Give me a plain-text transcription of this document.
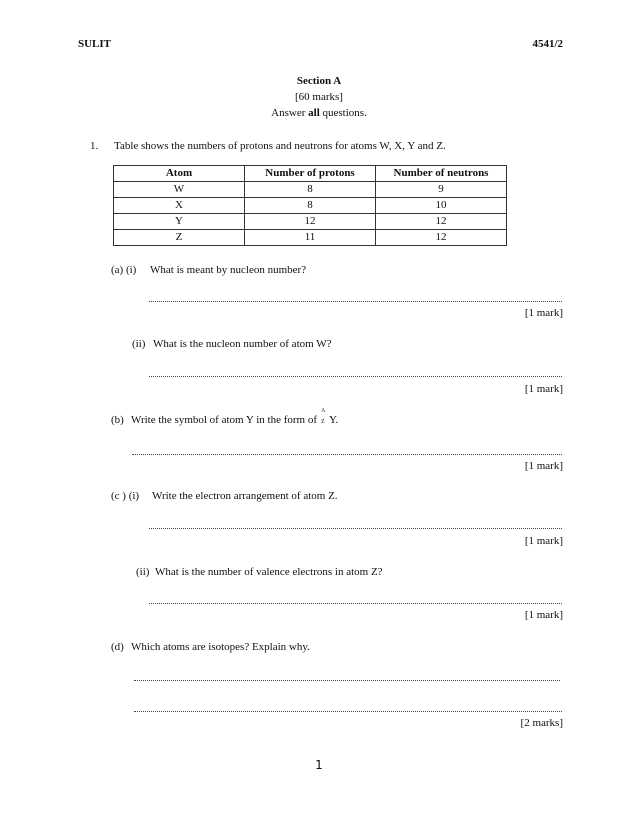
SULIT	4541/2
Section A
[60 marks]
Answer all questions.
1. Table shows the numbers of protons and neutrons for atoms W, X, Y and Z.
Atom	Number of protons	Number of neutrons
W	8	9
X	8	10
Y	12	12
Z	11	12
(a) (i) What is meant by nucleon number?
[1 mark]
(ii) What is the nucleon number of atom W?
[1 mark]
(b) Write the symbol of atom Y in the form of
A
Z Y.
[1 mark]
(c ) (i) Write the electron arrangement of atom Z.
[1 mark]
(ii) What is the number of valence electrons in atom Z?
[1 mark]
(d) Which atoms are isotopes? Explain why.
[2 marks]
1
